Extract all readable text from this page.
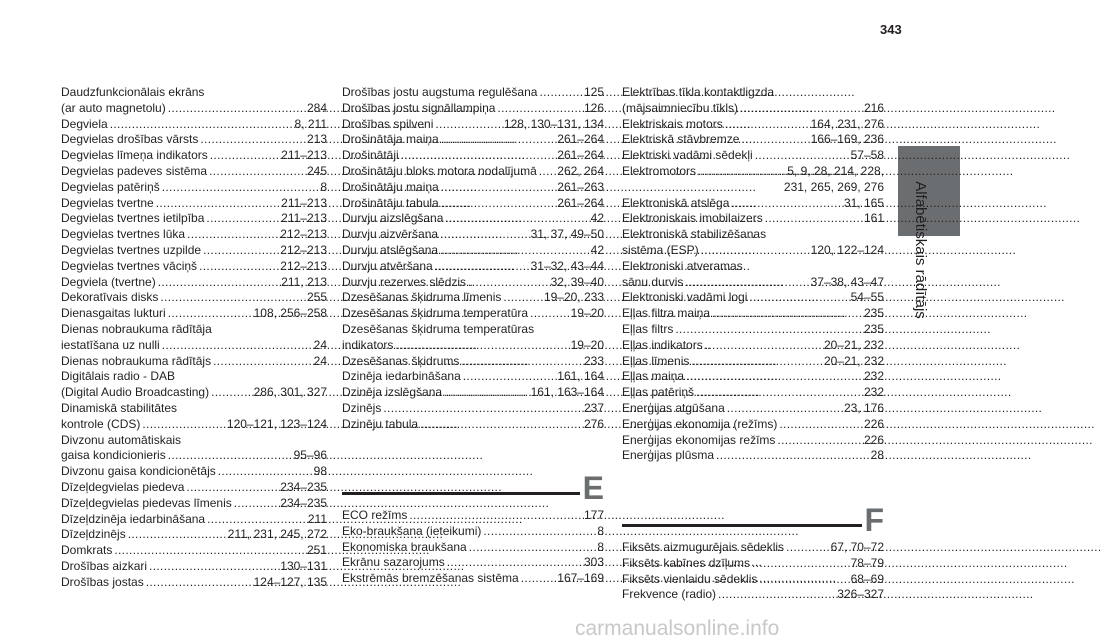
343
Alfabētiskais rādītājs
Daudzfunkcionālais ekrāns
(ar auto magnetolu) . . .	284
Degviela . . .	8, 211
Degvielas drošības vārsts . . .	213
Degvielas līmeņa indikators . . .	211–213
Degvielas padeves sistēma . . .	245
Degvielas patēriņš . . .	8
Degvielas tvertne . . .	211–213
Degvielas tvertnes ietilpība . . .	211–213
Degvielas tvertnes lūka . . .	212–213
Degvielas tvertnes uzpilde . . .	212–213
Degvielas tvertnes vāciņš . . .	212–213
Degviela (tvertne) . . .	211, 213
Dekoratīvais disks . . .	255
Dienasgaitas lukturi . . .	108, 256–258
Dienas nobraukuma rādītāja
iestatīšana uz nulli . . .	24
Dienas nobraukuma rādītājs . . .	24
Digitālais radio - DAB
(Digital Audio Broadcasting) . . .	286, 301, 327
Dinamiskā stabilitātes
kontrole (CDS) . . .	120–121, 123–124
Divzonu automātiskais
gaisa kondicionieris . . .	95–96
Divzonu gaisa kondicionētājs . . .	98
Dīzeļdegvielas piedeva . . .	234–235
Dīzeļdegvielas piedevas līmenis . . .	234–235
Dīzeļdzinēja iedarbināšana . . .	211
Dīzeļdzinējs . . .	211, 231, 245, 272
Domkrats . . .	251
Drošības aizkari . . .	130–131
Drošības jostas . . .	124–127, 135
Drošības jostu augstuma regulēšana . . .	125
Drošības jostu signāllampiņa . . .	126
Drošības spilveni . . .	128, 130–131, 134
Drošinātāja maiņa . . .	261–264
Drošinātāji . . .	261–264
Drošinātāju bloks motora nodalījumā . . . 262, 264
Drošinātāju maiņa . . .	261–263
Drošinātāju tabula . . .	261–264
Durvju aizslēgšana . . .	42
Durvju aizvēršana . . .	31, 37, 49–50
Durvju atslēgšana . . .	42
Durvju atvēršana . . .	31–32, 43–44
Durvju rezerves slēdzis . . .	32, 39–40
Dzesēšanas šķidruma līmenis . . .	19–20, 233
Dzesēšanas šķidruma temperatūra . . .	19–20
Dzesēšanas šķidruma temperatūras
indikators . . .	19–20
Dzesēšanas šķidrums . . .	233
Dzinēja iedarbināšana . . .	161, 164
Dzinēja izslēgšana . . .	161, 163–164
Dzinējs . . .	237
Dzinēju tabula . . .	276
Elektrības tīkla kontaktligzda
(mājsaimniecību tīkls) . . .	216
Elektriskais motors . . .	164, 231, 276
Elektriskā stāvbremze . . .	166–169, 236
Elektriski vadāmi sēdekļi . . .	57–58
Elektromotors . . .	5, 9, 28, 214, 228,
231, 265, 269, 276
Elektroniskā atslēga . . .	31, 165
Elektroniskais imobilaizers . . .	161
Elektroniskā stabilizēšanas
sistēma (ESP) . . .	120, 122–124
Elektroniski atveramas
sānu durvis . . .	37–38, 43–47
Elektroniski vadāmi logi . . .	54–55
Eļļas filtra maiņa . . .	235
Eļļas filtrs . . .	235
Eļļas indikators . . .	20–21, 232
Eļļas līmenis . . .	20–21, 232
Eļļas maiņa . . .	232
Eļļas patēriņš . . .	232
Enerģijas atgūšana . . .	23, 176
Enerģijas ekonomija (režīms) . . .	226
Enerģijas ekonomijas režīms . . .	226
Enerģijas plūsma . . .	28
E
ECO režīms . . .	177
Eko-braukšana (ieteikumi) . . .	8
Ekonomiska braukšana . . .	8
Ekrānu sazarojums . . .	303
Ekstrēmās bremzēšanas sistēma . . .	167–169
F
Fiksēts aizmugurējais sēdeklis . . .	67, 70–72
Fiksēts kabīnes dzīļums . . .	78–79
Fiksēts vienlaidu sēdeklis . . .	68–69
Frekvence (radio) . . .	326–327
carmanualsonline.info
